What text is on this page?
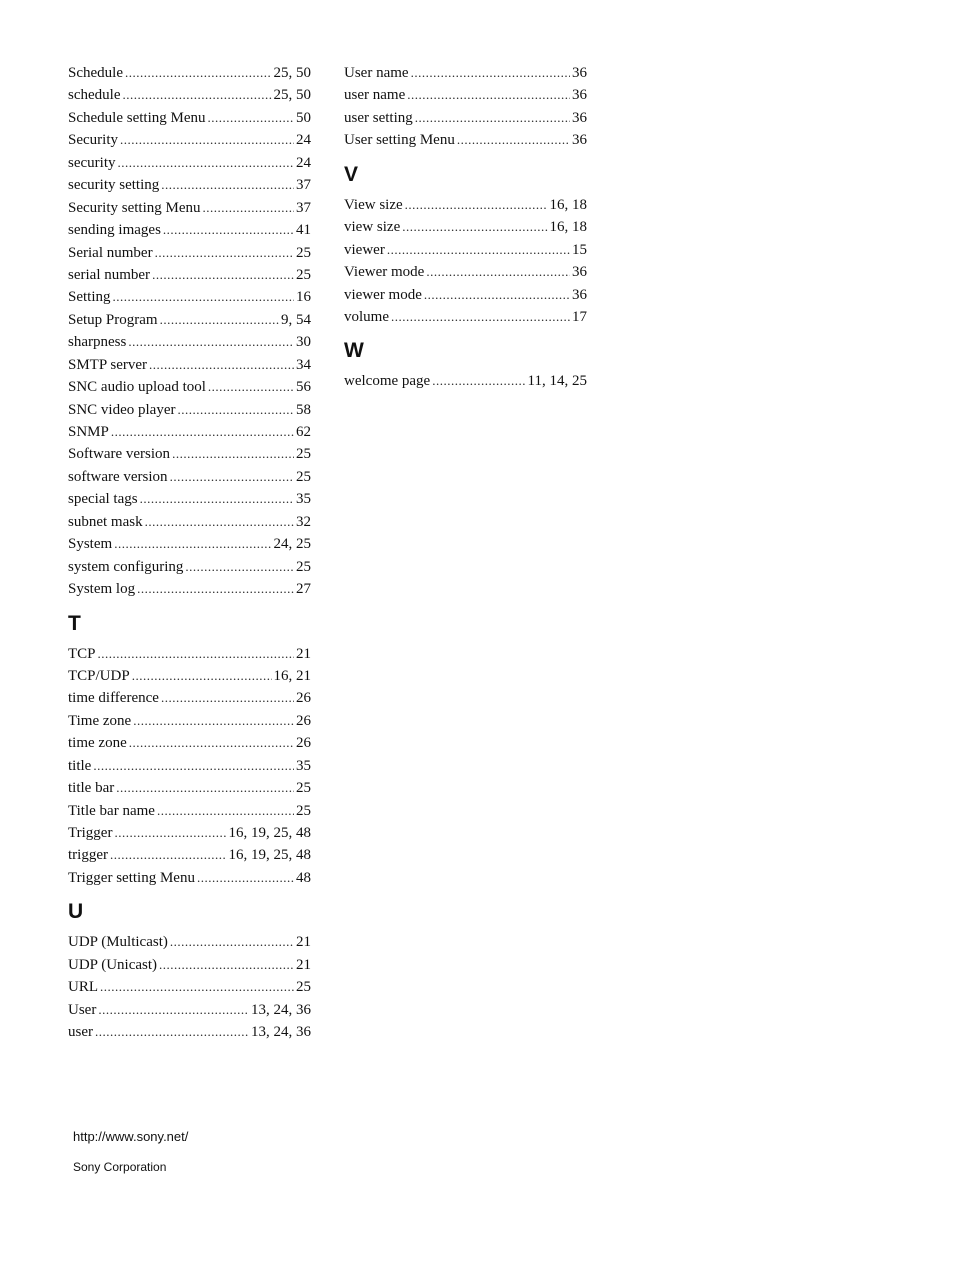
Schedule .....	25, 50
schedule .....	25, 50
Schedule setting Menu .....	50
Security .....	24
security .....	24
security setting .....	37
Security setting Menu .....	37
sending images .....	41
Serial number .....	25
serial number .....	25
Setting .....	16
Setup Program .....	9, 54
sharpness .....	30
SMTP server .....	34
SNC audio upload tool .....	56
SNC video player .....	58
SNMP .....	62
Software version .....	25
software version .....	25
special tags .....	35
subnet mask .....	32
System .....	24, 25
system configuring .....	25
System log .....	27
T
TCP .....	21
TCP/UDP .....	16, 21
time difference .....	26
Time zone .....	26
time zone .....	26
title .....	35
title bar .....	25
Title bar name .....	25
Trigger .....	16, 19, 25, 48
trigger .....	16, 19, 25, 48
Trigger setting Menu .....	48
U
UDP (Multicast) .....	21
UDP (Unicast) .....	21
URL .....	25
User .....	13, 24, 36
user .....	13, 24, 36
User name .....	36
user name .....	36
user setting .....	36
User setting Menu .....	36
V
View size .....	16, 18
view size .....	16, 18
viewer .....	15
Viewer mode .....	36
viewer mode .....	36
volume .....	17
W
welcome page .....	11, 14, 25
http://www.sony.net/
Sony Corporation
